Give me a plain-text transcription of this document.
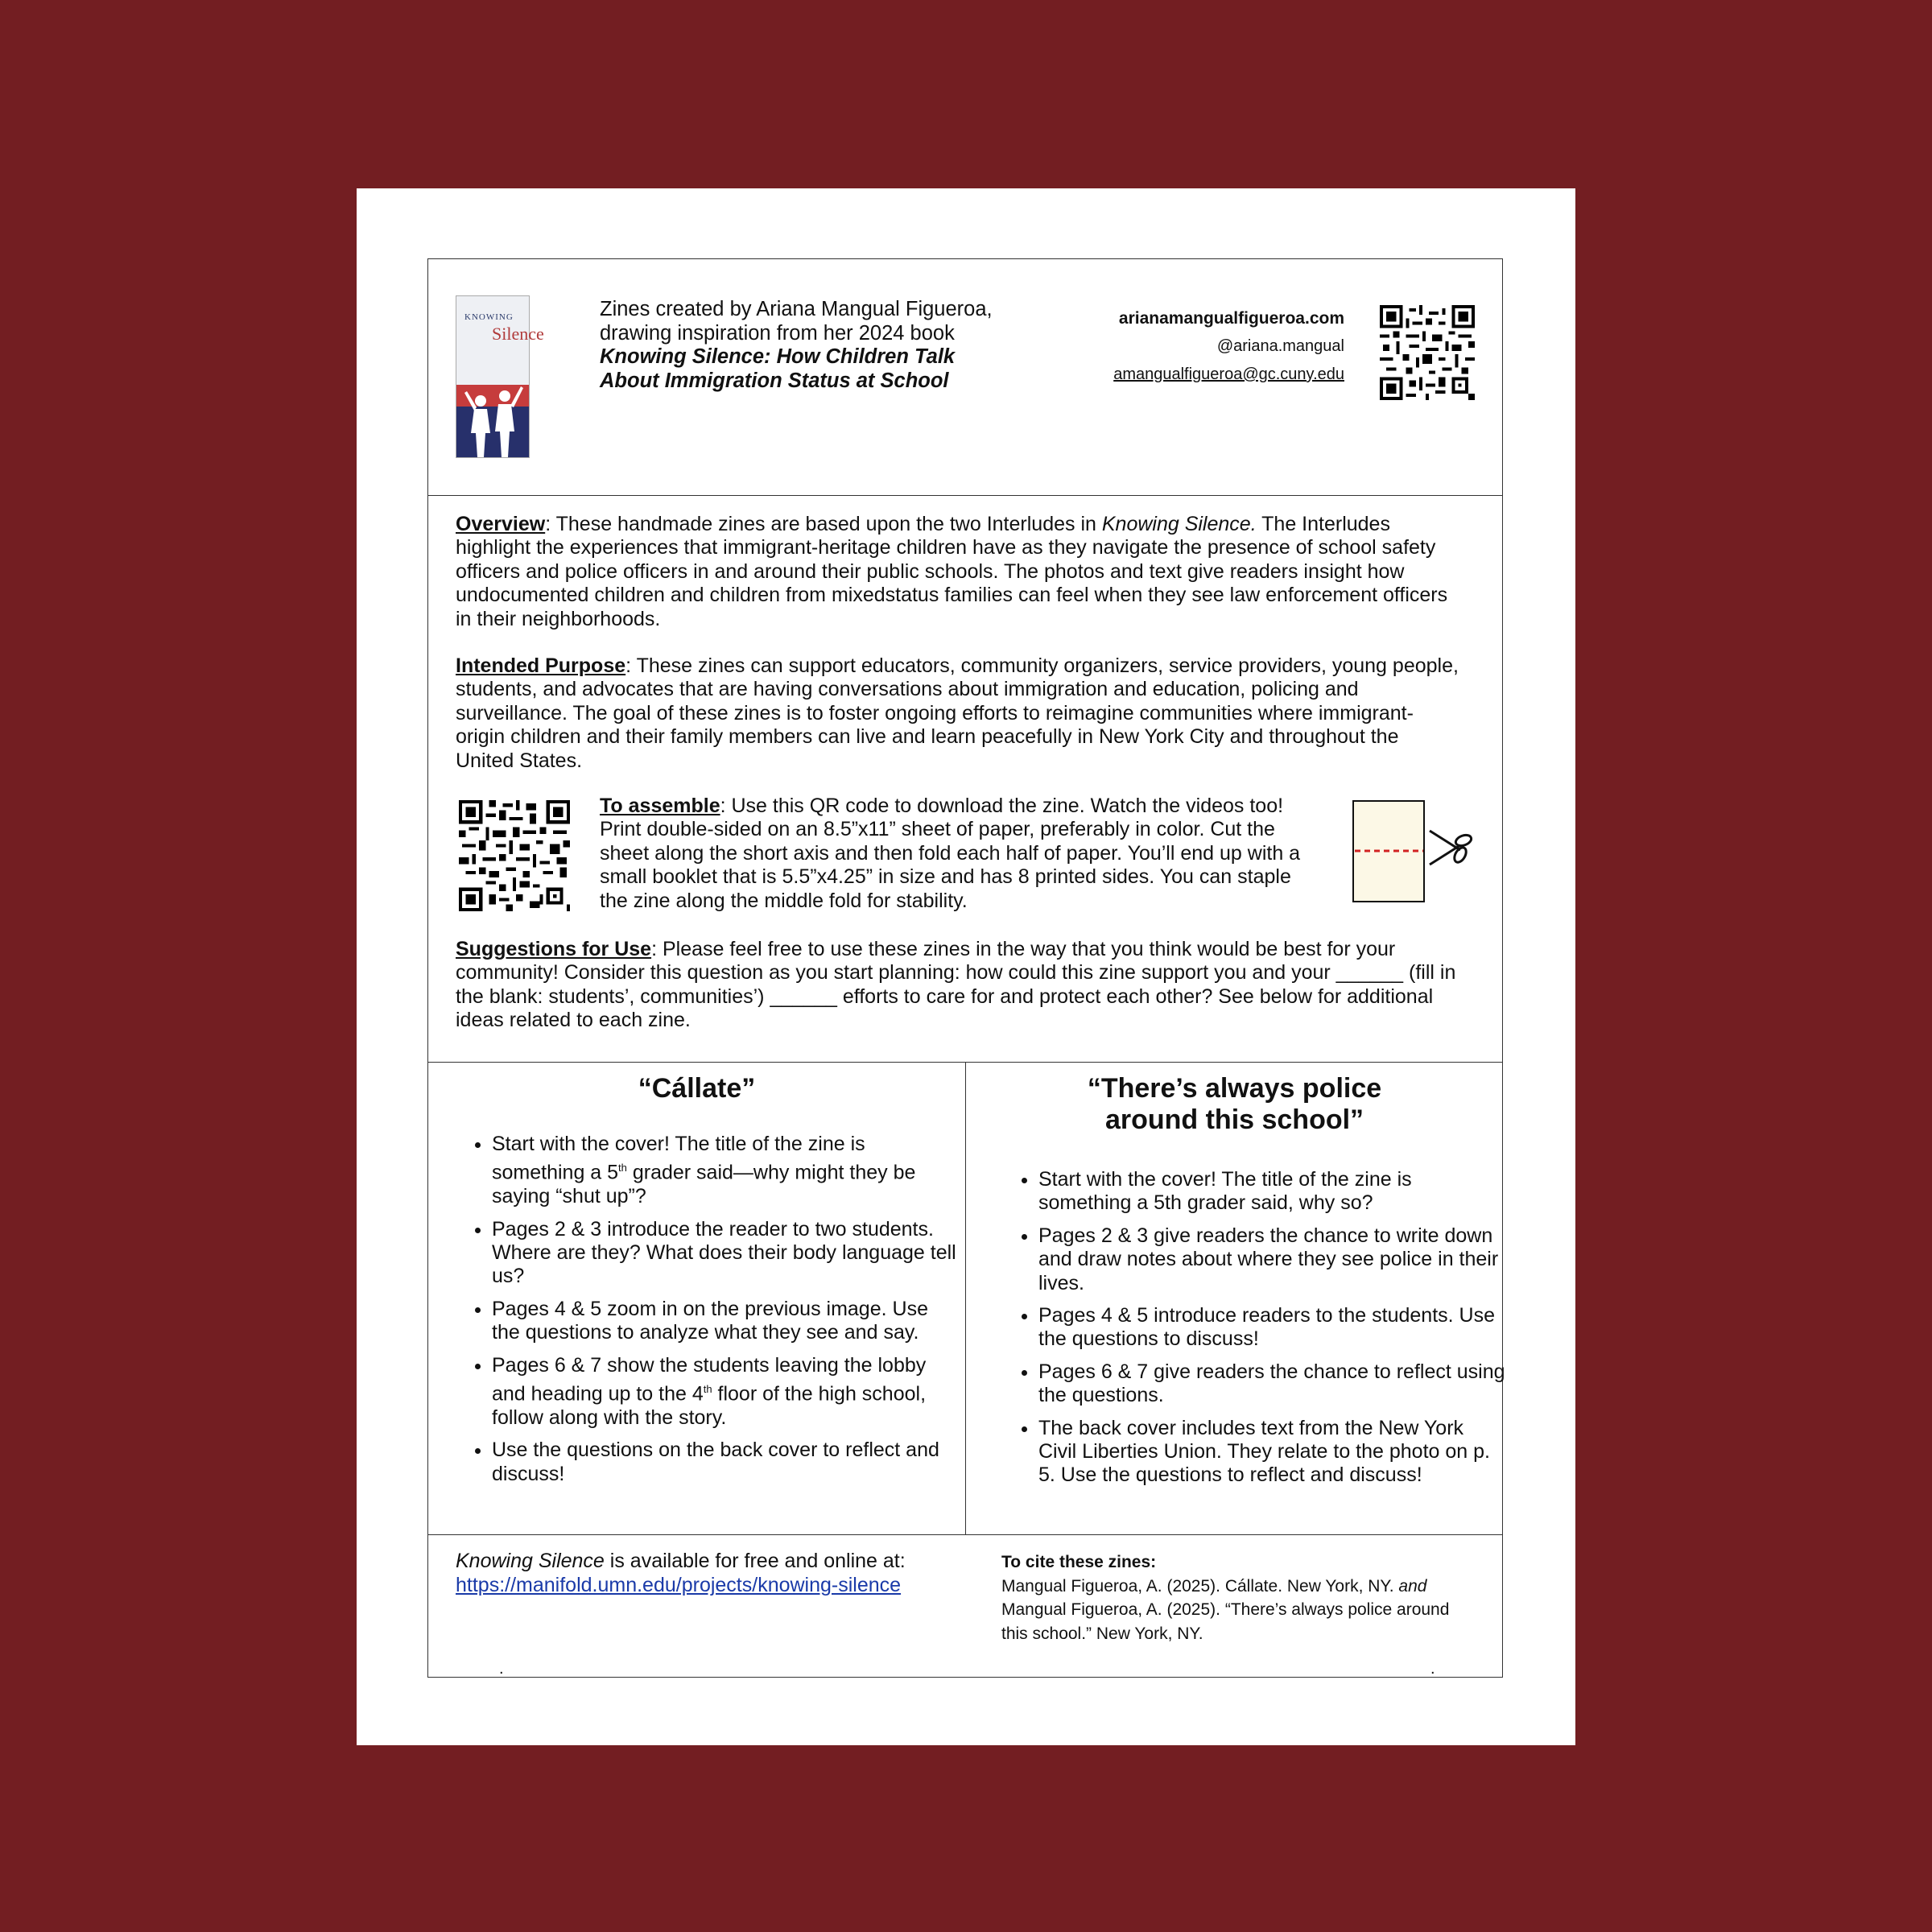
KNOWING
Silence
Zines created by Ariana Mangual Figueroa,
drawing inspiration from her 2024 book
Knowing Silence: How Children Talk
About Immigration Status at School
arianamangualfigueroa.com
@ariana.mangual
amangualfigueroa@gc.cuny.edu

Overview: These handmade zines are based upon the two Interludes in Knowing Silence. The Interludes highlight the experiences that immigrant-heritage children have as they navigate the presence of school safety officers and police officers in and around their public schools. The photos and text give readers insight how undocumented children and children from mixedstatus families can feel when they see law enforcement officers in their neighborhoods.

Intended Purpose: These zines can support educators, community organizers, service providers, young people, students, and advocates that are having conversations about immigration and education, policing and surveillance. The goal of these zines is to foster ongoing efforts to reimagine communities where immigrant-origin children and their family members can live and learn peacefully in New York City and throughout the United States.

To assemble: Use this QR code to download the zine. Watch the videos too! Print double-sided on an 8.5”x11” sheet of paper, preferably in color. Cut the sheet along the short axis and then fold each half of paper. You’ll end up with a small booklet that is 5.5”x4.25” in size and has 8 printed sides. You can staple the zine along the middle fold for stability.

Suggestions for Use: Please feel free to use these zines in the way that you think would be best for your community! Consider this question as you start planning: how could this zine support you and your ______ (fill in the blank: students’, communities’) ______ efforts to care for and protect each other? See below for additional ideas related to each zine.

“Cállate”
• Start with the cover! The title of the zine is something a 5th grader said—why might they be saying “shut up”?
• Pages 2 & 3 introduce the reader to two students. Where are they? What does their body language tell us?
• Pages 4 & 5 zoom in on the previous image. Use the questions to analyze what they see and say.
• Pages 6 & 7 show the students leaving the lobby and heading up to the 4th floor of the high school, follow along with the story.
• Use the questions on the back cover to reflect and discuss!
“There’s always police
around this school”
• Start with the cover! The title of the zine is something a 5th grader said, why so?
• Pages 2 & 3 give readers the chance to write down and draw notes about where they see police in their lives.
• Pages 4 & 5 introduce readers to the students. Use the questions to discuss!
• Pages 6 & 7 give readers the chance to reflect using the questions.
• The back cover includes text from the New York Civil Liberties Union. They relate to the photo on p. 5. Use the questions to reflect and discuss!
Knowing Silence is available for free and online at:
https://manifold.umn.edu/projects/knowing-silence
To cite these zines:
Mangual Figueroa, A. (2025). Cállate. New York, NY. and
Mangual Figueroa, A. (2025). “There’s always police around this school.” New York, NY.
.	.
